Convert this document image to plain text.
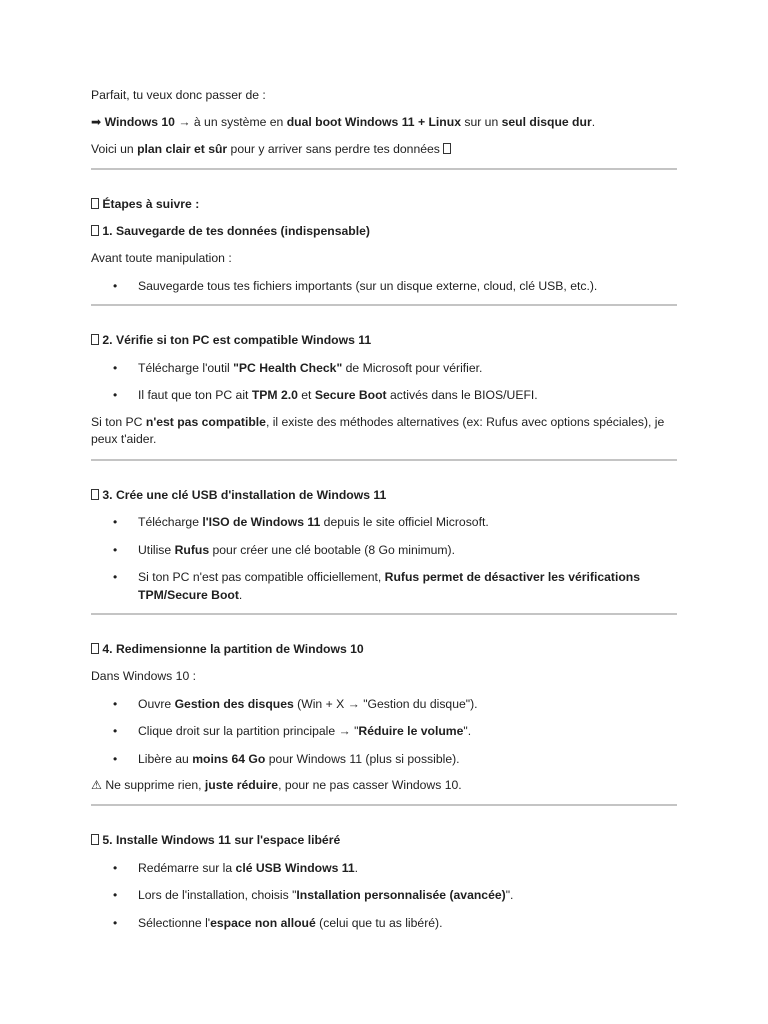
Parfait, tu veux donc passer de :
➡ Windows 10 → à un système en dual boot Windows 11 + Linux sur un seul disque dur.
Voici un plan clair et sûr pour y arriver sans perdre tes données
Étapes à suivre :
1. Sauvegarde de tes données (indispensable)
Avant toute manipulation :
• Sauvegarde tous tes fichiers importants (sur un disque externe, cloud, clé USB, etc.).
2. Vérifie si ton PC est compatible Windows 11
• Télécharge l'outil "PC Health Check" de Microsoft pour vérifier.
• Il faut que ton PC ait TPM 2.0 et Secure Boot activés dans le BIOS/UEFI.
Si ton PC n'est pas compatible, il existe des méthodes alternatives (ex: Rufus avec options spéciales), je peux t'aider.
3. Crée une clé USB d'installation de Windows 11
• Télécharge l'ISO de Windows 11 depuis le site officiel Microsoft.
• Utilise Rufus pour créer une clé bootable (8 Go minimum).
• Si ton PC n'est pas compatible officiellement, Rufus permet de désactiver les vérifications TPM/Secure Boot.
4. Redimensionne la partition de Windows 10
Dans Windows 10 :
• Ouvre Gestion des disques (Win + X → "Gestion du disque").
• Clique droit sur la partition principale → "Réduire le volume".
• Libère au moins 64 Go pour Windows 11 (plus si possible).
⚠ Ne supprime rien, juste réduire, pour ne pas casser Windows 10.
5. Installe Windows 11 sur l'espace libéré
• Redémarre sur la clé USB Windows 11.
• Lors de l'installation, choisis "Installation personnalisée (avancée)".
• Sélectionne l'espace non alloué (celui que tu as libéré).
